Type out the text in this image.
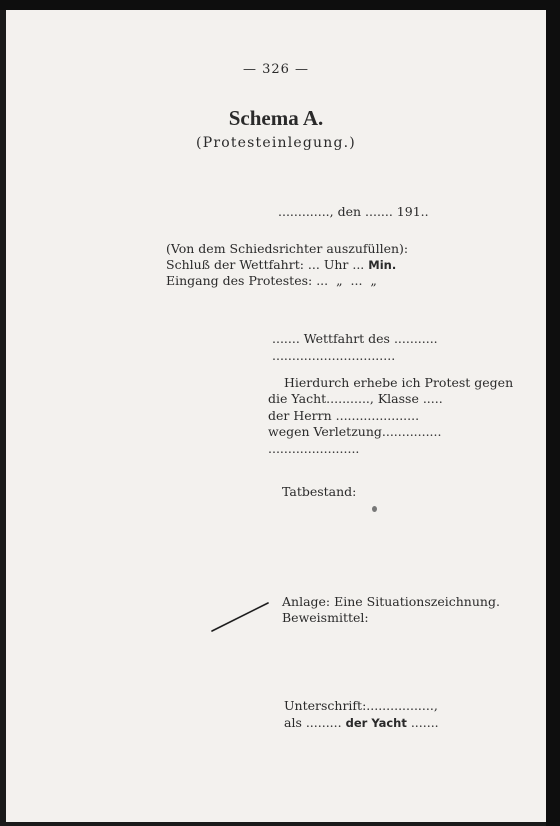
— 326 —
Schema A.
(Protesteinlegung.)
............., den ....... 191..
(Von dem Schiedsrichter auszufüllen):
Schluß der Wettfahrt: ... Uhr ... Min.
Eingang des Protestes: ...  „  ...  „
....... Wettfahrt des ...........
...............................
Hierdurch erhebe ich Protest gegen
die Yacht..........., Klasse .....
der Herrn .....................
wegen Verletzung...............
.......................
Tatbestand:
Anlage: Eine Situationszeichnung.
Beweismittel:
Unterschrift:.................,
als ......... der Yacht .......
